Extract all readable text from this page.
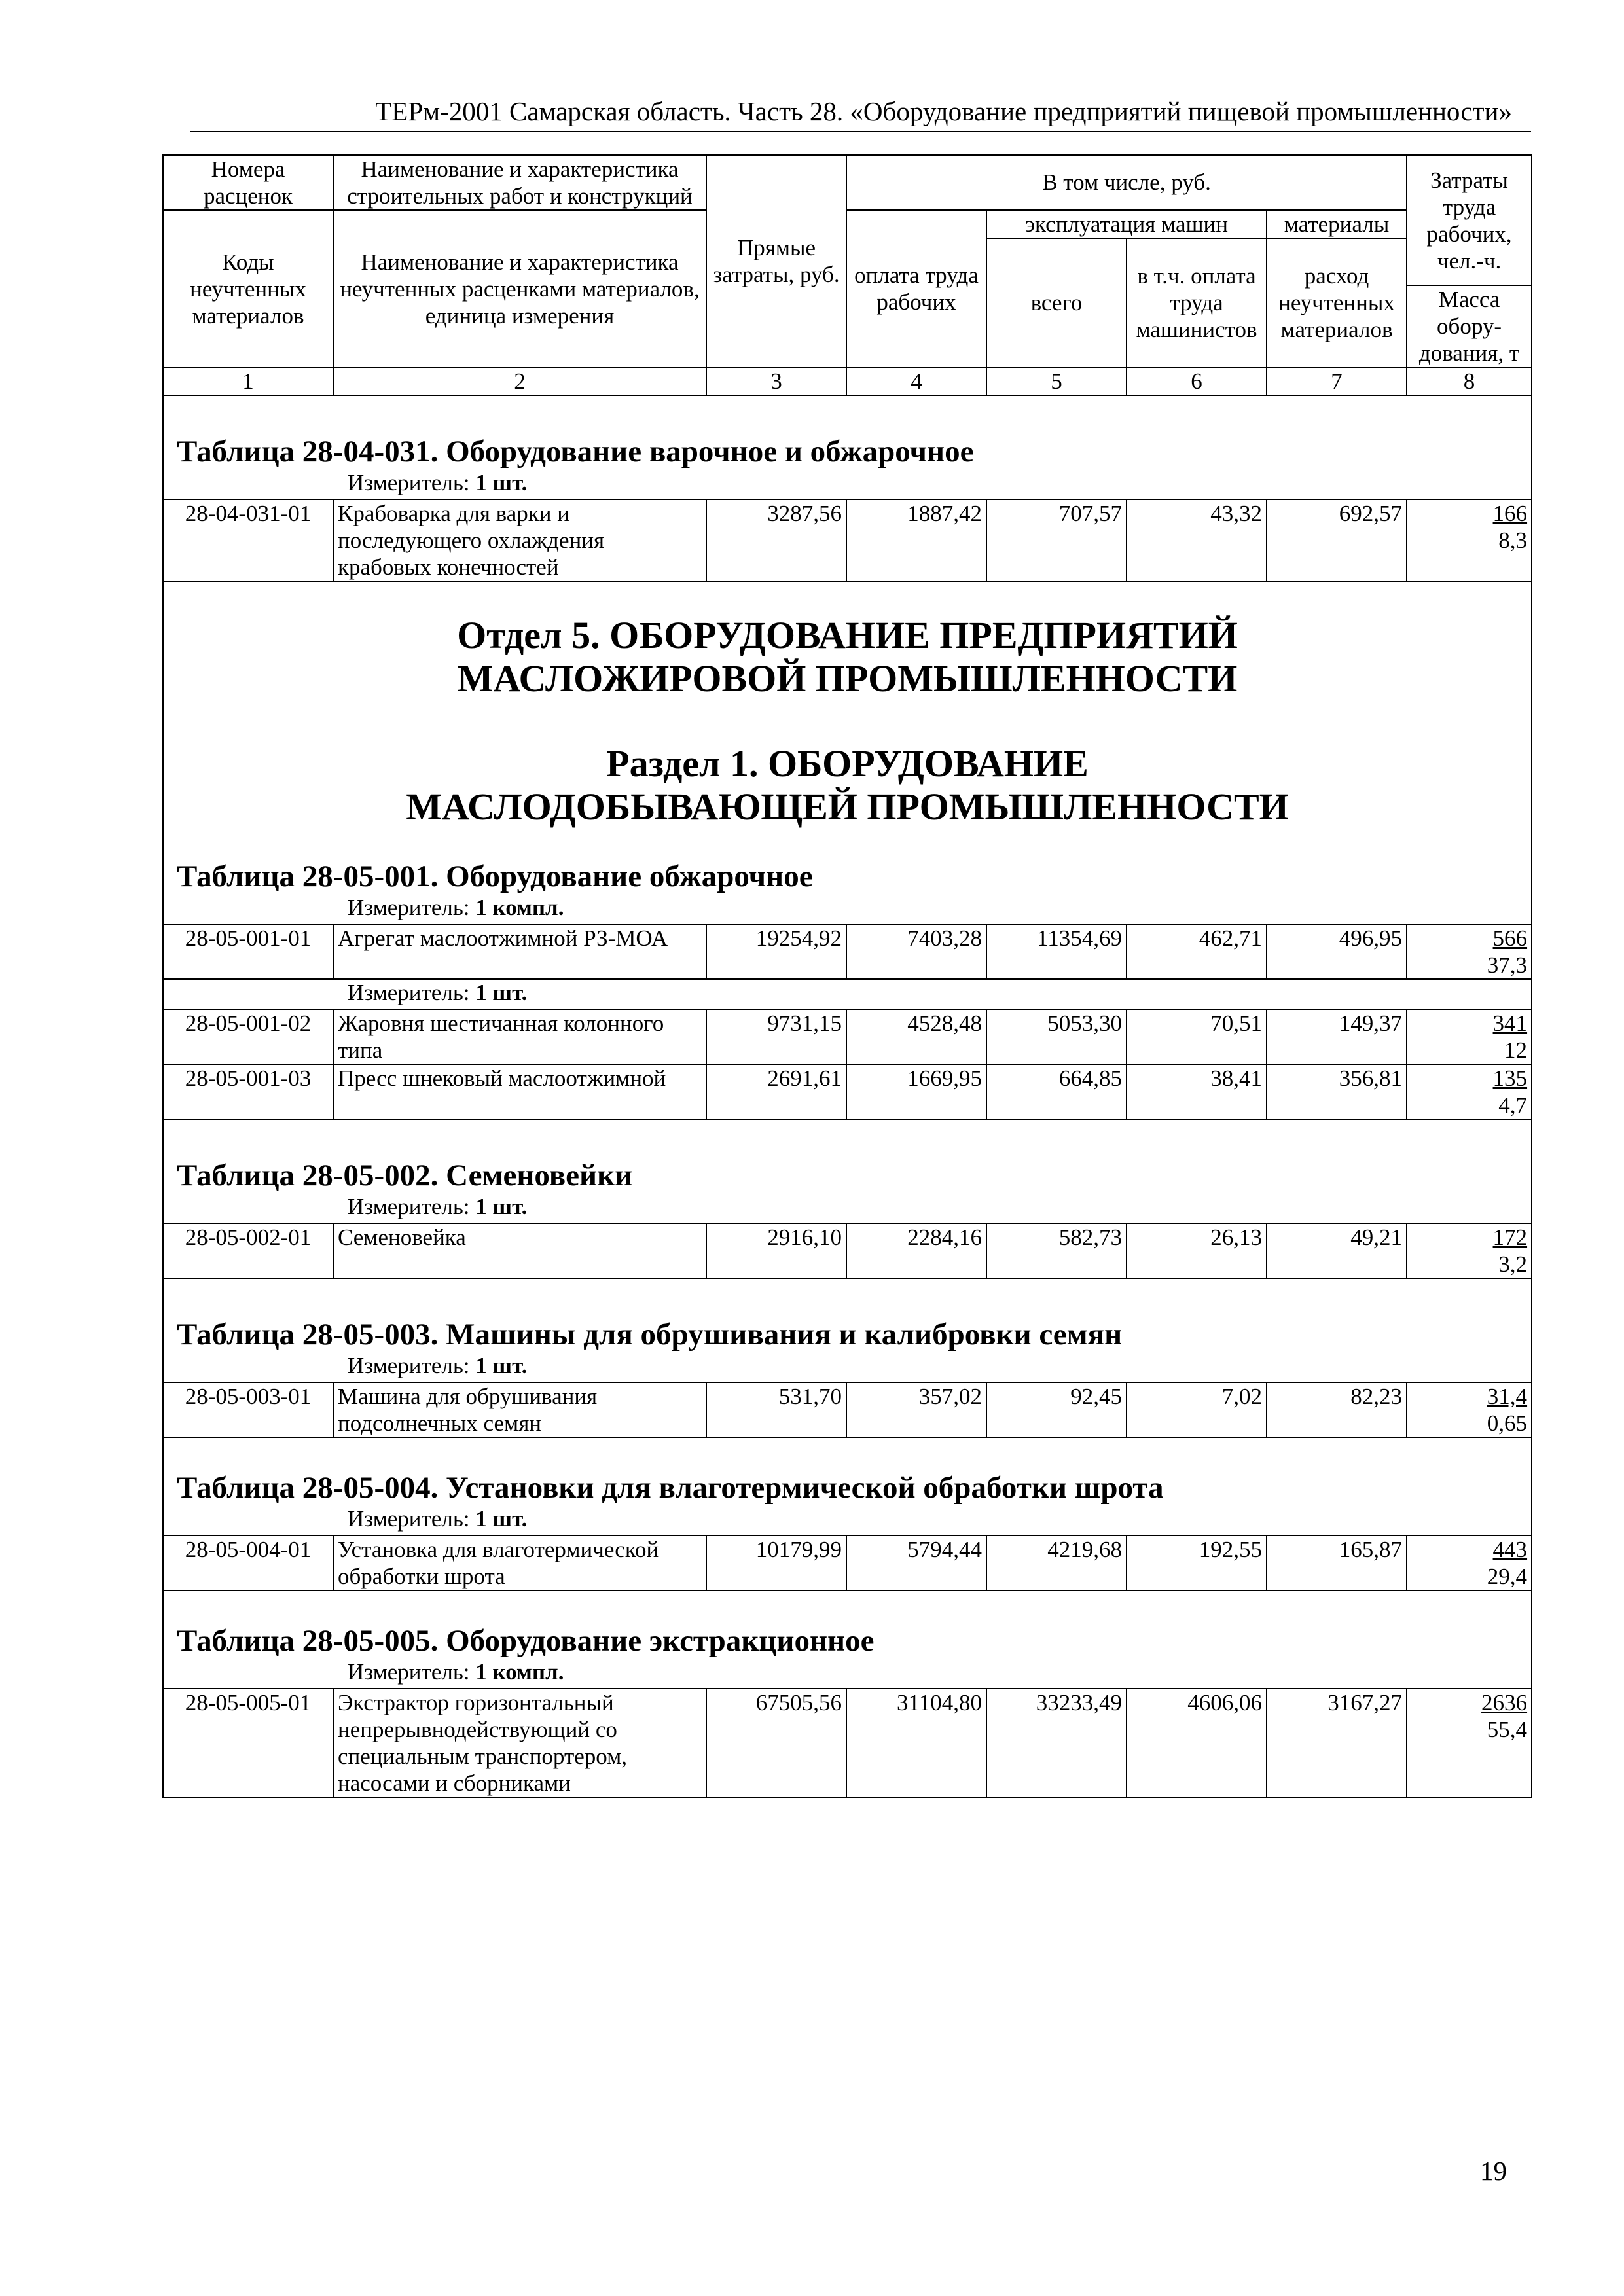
ТЕРм-2001 Самарская область. Часть 28. «Оборудование предприятий пищевой промышленности»
Номера расценок	Наименование и характеристика строительных работ и конструкций	Прямые затраты, руб.	В том числе, руб.				Затраты труда рабочих, чел.-ч.
Коды неучтенных материалов	Наименование и характеристика неучтенных расценками материалов, единица измерения		оплата труда рабочих	эксплуатация машин		материалы	
				всего	в т.ч. оплата труда машинистов	расход неучтенных материалов	
							Масса обору-дования, т
1	2	3	4	5	6	7	8

Таблица 28-04-031. Оборудование варочное и обжарочное
Измеритель: 1 шт.							

28-04-031-01	Крабоварка для варки и последующего охлаждения крабовых конечностей	3287,56	1887,42	707,57	43,32	692,57	166
8,3

Отдел 5. ОБОРУДОВАНИЕ ПРЕДПРИЯТИЙ МАСЛОЖИРОВОЙ ПРОМЫШЛЕННОСТИ
Раздел 1. ОБОРУДОВАНИЕ МАСЛОДОБЫВАЮЩЕЙ ПРОМЫШЛЕННОСТИ
Таблица 28-05-001. Оборудование обжарочное
Измеритель: 1 компл.							

28-05-001-01	Агрегат маслоотжимной РЗ-МОА	19254,92	7403,28	11354,69	462,71	496,95	566
37,3

Измеритель: 1 шт.							

28-05-001-02	Жаровня шестичанная колонного типа	9731,15	4528,48	5053,30	70,51	149,37	341
12

28-05-001-03	Пресс шнековый маслоотжимной	2691,61	1669,95	664,85	38,41	356,81	135
4,7

Таблица 28-05-002. Семеновейки
Измеритель: 1 шт.							

28-05-002-01	Семеновейка	2916,10	2284,16	582,73	26,13	49,21	172
3,2

Таблица 28-05-003. Машины для обрушивания и калибровки семян
Измеритель: 1 шт.							

28-05-003-01	Машина для обрушивания подсолнечных семян	531,70	357,02	92,45	7,02	82,23	31,4
0,65

Таблица 28-05-004. Установки для влаготермической обработки шрота
Измеритель: 1 шт.							

28-05-004-01	Установка для влаготермической обработки шрота	10179,99	5794,44	4219,68	192,55	165,87	443
29,4

Таблица 28-05-005. Оборудование экстракционное
Измеритель: 1 компл.							

28-05-005-01	Экстрактор горизонтальный непрерывнодействующий со специальным транспортером, насосами и сборниками	67505,56	31104,80	33233,49	4606,06	3167,27	2636
55,4
19
